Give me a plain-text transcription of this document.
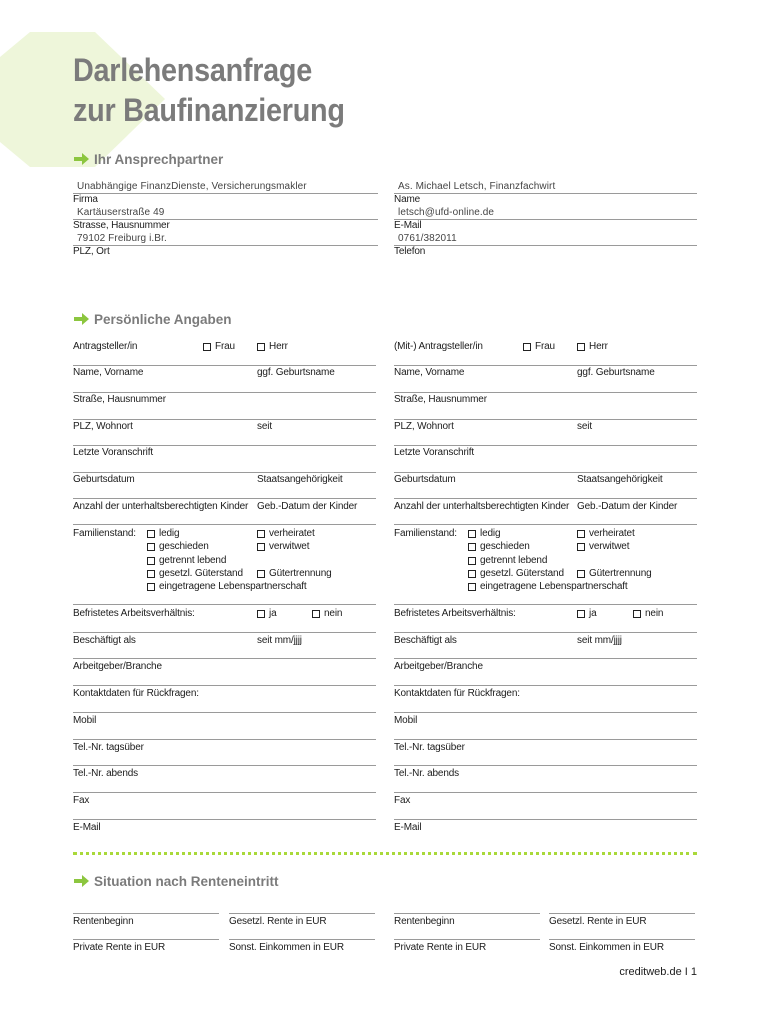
Darlehensanfrage
zur Baufinanzierung
Ihr Ansprechpartner
Unabhängige FinanzDienste, Versicherungsmakler
Firma
Kartäuserstraße 49
Strasse, Hausnummer
79102 Freiburg i.Br.
PLZ, Ort
As. Michael Letsch, Finanzfachwirt
Name
letsch@ufd-online.de
E-Mail
0761/382011
Telefon
Persönliche Angaben
Antragsteller/in	Frau	Herr	(Mit-) Antragsteller/in	Frau	Herr
Name, Vorname	ggf. Geburtsname	Name, Vorname	ggf. Geburtsname
Straße, Hausnummer	Straße, Hausnummer
PLZ, Wohnort	seit	PLZ, Wohnort	seit
Letzte Voranschrift	Letzte Voranschrift
Geburtsdatum	Staatsangehörigkeit	Geburtsdatum	Staatsangehörigkeit
Anzahl der unterhaltsberechtigten Kinder Geb.-Datum der Kinder	Anzahl der unterhaltsberechtigten Kinder Geb.-Datum der Kinder
Familienstand: ledig	verheiratet
geschieden	verwitwet
getrennt lebend
gesetzl. Güterstand	Gütertrennung
eingetragene Lebenspartnerschaft
Familienstand: ledig	verheiratet
geschieden	verwitwet
getrennt lebend
gesetzl. Güterstand	Gütertrennung
eingetragene Lebenspartnerschaft
Befristetes Arbeitsverhältnis:	ja	nein	Befristetes Arbeitsverhältnis:	ja	nein
Beschäftigt als	seit mm/jjjj	Beschäftigt als	seit mm/jjjj
Arbeitgeber/Branche	Arbeitgeber/Branche
Kontaktdaten für Rückfragen:	Kontaktdaten für Rückfragen:
Mobil	Mobil
Tel.-Nr. tagsüber	Tel.-Nr. tagsüber
Tel.-Nr. abends	Tel.-Nr. abends
Fax	Fax
E-Mail	E-Mail
Situation nach Renteneintritt
Rentenbeginn	Gesetzl. Rente in EUR	Rentenbeginn	Gesetzl. Rente in EUR
Private Rente in EUR	Sonst. Einkommen in EUR	Private Rente in EUR	Sonst. Einkommen in EUR
creditweb.de I 1
